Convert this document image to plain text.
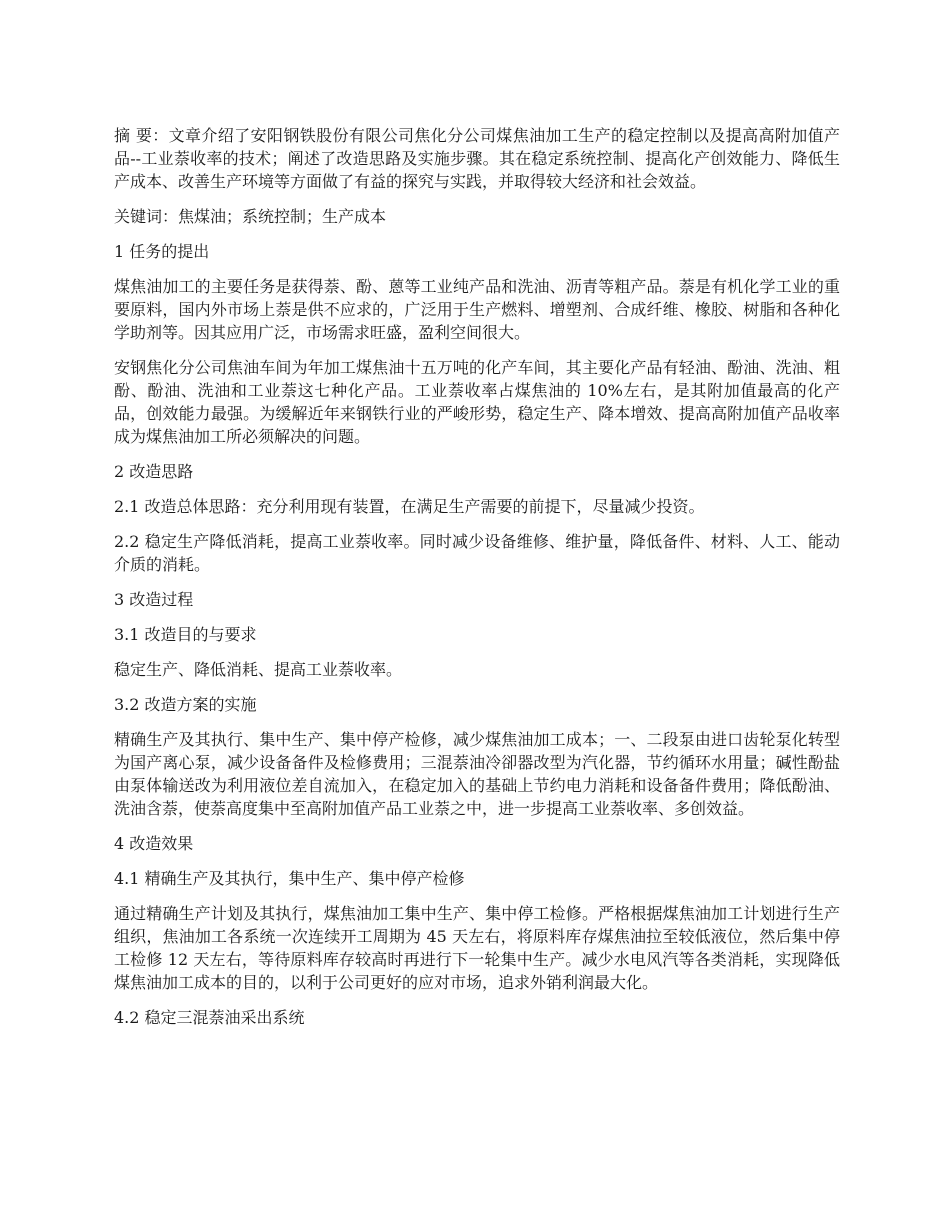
摘 要：文章介绍了安阳钢铁股份有限公司焦化分公司煤焦油加工生产的稳定控制以及提高高附加值产品--工业萘收率的技术；阐述了改造思路及实施步骤。其在稳定系统控制、提高化产创效能力、降低生产成本、改善生产环境等方面做了有益的探究与实践，并取得较大经济和社会效益。

关键词：焦煤油；系统控制；生产成本

1 任务的提出

煤焦油加工的主要任务是获得萘、酚、蒽等工业纯产品和洗油、沥青等粗产品。萘是有机化学工业的重要原料，国内外市场上萘是供不应求的，广泛用于生产燃料、增塑剂、合成纤维、橡胶、树脂和各种化学助剂等。因其应用广泛，市场需求旺盛，盈利空间很大。

安钢焦化分公司焦油车间为年加工煤焦油十五万吨的化产车间，其主要化产品有轻油、酚油、洗油、粗酚、酚油、洗油和工业萘这七种化产品。工业萘收率占煤焦油的 10%左右，是其附加值最高的化产品，创效能力最强。为缓解近年来钢铁行业的严峻形势，稳定生产、降本增效、提高高附加值产品收率成为煤焦油加工所必须解决的问题。

2 改造思路

2.1 改造总体思路：充分利用现有装置，在满足生产需要的前提下，尽量减少投资。

2.2 稳定生产降低消耗，提高工业萘收率。同时减少设备维修、维护量，降低备件、材料、人工、能动介质的消耗。

3 改造过程

3.1 改造目的与要求

稳定生产、降低消耗、提高工业萘收率。

3.2 改造方案的实施

精确生产及其执行、集中生产、集中停产检修，减少煤焦油加工成本；一、二段泵由进口齿轮泵化转型为国产离心泵，减少设备备件及检修费用；三混萘油冷卻器改型为汽化器，节约循环水用量；碱性酚盐由泵体输送改为利用液位差自流加入，在稳定加入的基础上节约电力消耗和设备备件费用；降低酚油、洗油含萘，使萘高度集中至高附加值产品工业萘之中，进一步提高工业萘收率、多创效益。

4 改造效果

4.1 精确生产及其执行，集中生产、集中停产检修

通过精确生产计划及其执行，煤焦油加工集中生产、集中停工检修。严格根据煤焦油加工计划进行生产组织，焦油加工各系统一次连续开工周期为 45 天左右，将原料库存煤焦油拉至较低液位，然后集中停工检修 12 天左右，等待原料库存较高时再进行下一轮集中生产。减少水电风汽等各类消耗，实现降低煤焦油加工成本的目的，以利于公司更好的应对市场，追求外销利润最大化。

4.2 稳定三混萘油采出系统
